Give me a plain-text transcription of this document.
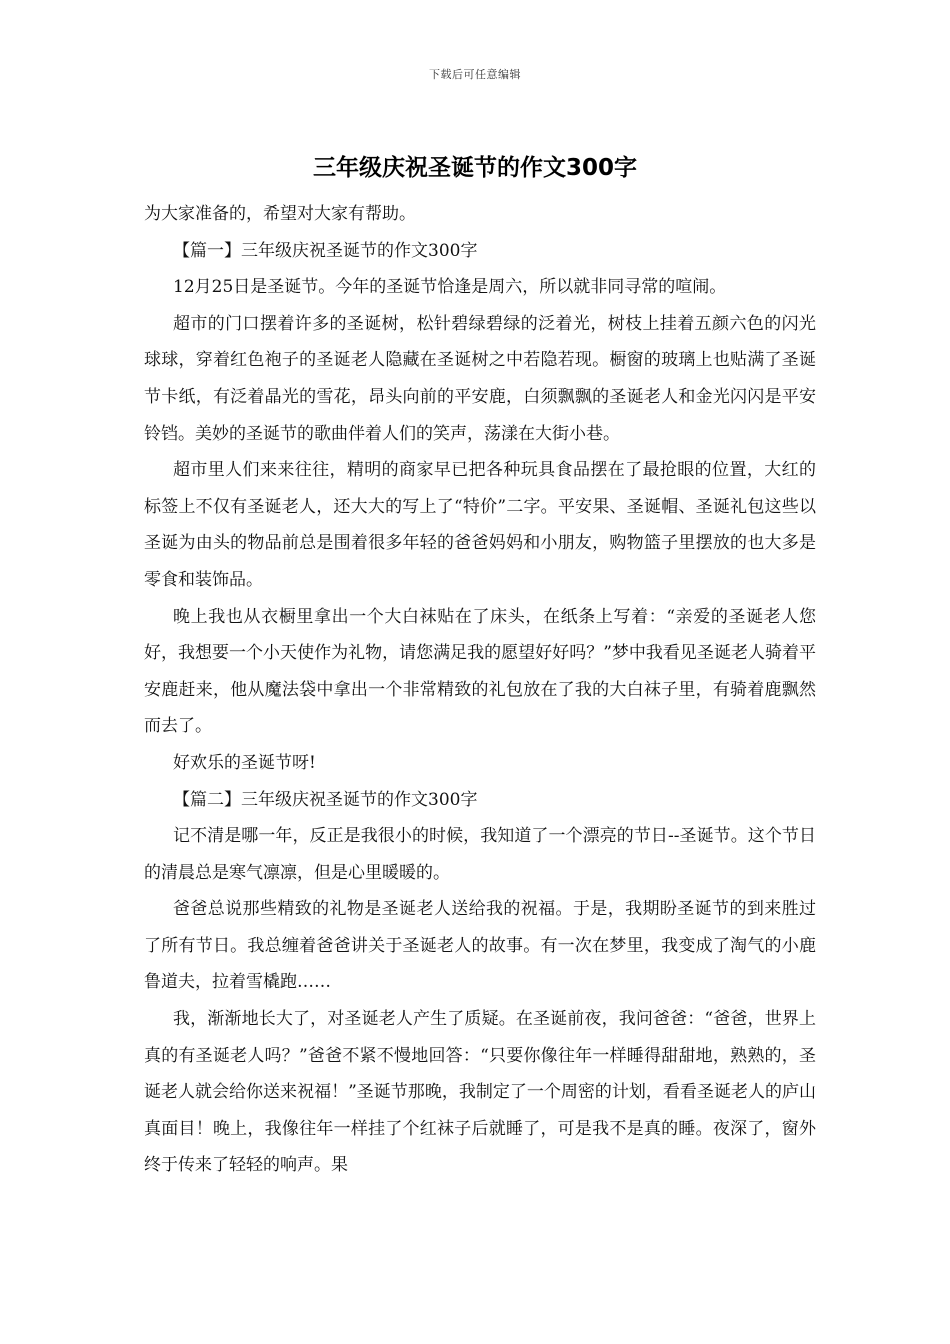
下载后可任意编辑
三年级庆祝圣诞节的作文300字

为大家准备的，希望对大家有帮助。

【篇一】三年级庆祝圣诞节的作文300字

12月25日是圣诞节。今年的圣诞节恰逢是周六，所以就非同寻常的喧闹。

超市的门口摆着许多的圣诞树，松针碧绿碧绿的泛着光，树枝上挂着五颜六色的闪光球球，穿着红色袍子的圣诞老人隐藏在圣诞树之中若隐若现。橱窗的玻璃上也贴满了圣诞节卡纸，有泛着晶光的雪花，昂头向前的平安鹿，白须飘飘的圣诞老人和金光闪闪是平安铃铛。美妙的圣诞节的歌曲伴着人们的笑声，荡漾在大街小巷。

超市里人们来来往往，精明的商家早已把各种玩具食品摆在了最抢眼的位置，大红的标签上不仅有圣诞老人，还大大的写上了“特价”二字。平安果、圣诞帽、圣诞礼包这些以圣诞为由头的物品前总是围着很多年轻的爸爸妈妈和小朋友，购物篮子里摆放的也大多是零食和装饰品。

晚上我也从衣橱里拿出一个大白袜贴在了床头，在纸条上写着：“亲爱的圣诞老人您好，我想要一个小天使作为礼物，请您满足我的愿望好好吗？”梦中我看见圣诞老人骑着平安鹿赶来，他从魔法袋中拿出一个非常精致的礼包放在了我的大白袜子里，有骑着鹿飘然而去了。

好欢乐的圣诞节呀!

【篇二】三年级庆祝圣诞节的作文300字

记不清是哪一年，反正是我很小的时候，我知道了一个漂亮的节日--圣诞节。这个节日的清晨总是寒气凛凛，但是心里暖暖的。

爸爸总说那些精致的礼物是圣诞老人送给我的祝福。于是，我期盼圣诞节的到来胜过了所有节日。我总缠着爸爸讲关于圣诞老人的故事。有一次在梦里，我变成了淘气的小鹿鲁道夫，拉着雪橇跑……

我，渐渐地长大了，对圣诞老人产生了质疑。在圣诞前夜，我问爸爸：“爸爸，世界上真的有圣诞老人吗？”爸爸不紧不慢地回答：“只要你像往年一样睡得甜甜地，熟熟的，圣诞老人就会给你送来祝福！”圣诞节那晚，我制定了一个周密的计划，看看圣诞老人的庐山真面目！晚上，我像往年一样挂了个红袜子后就睡了，可是我不是真的睡。夜深了，窗外终于传来了轻轻的响声。果
